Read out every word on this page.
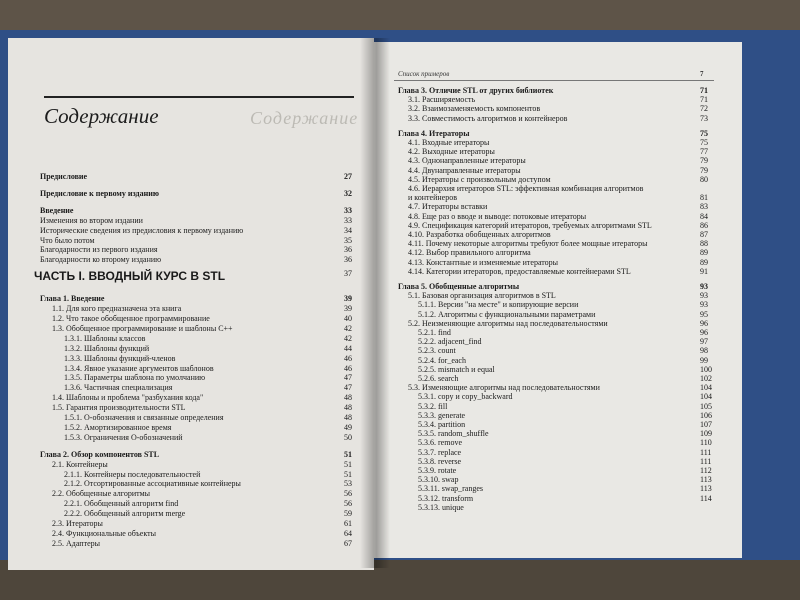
Содержание	Содержание
Предисловие	27
Предисловие к первому изданию	32
Введение	33
Изменения во втором издании	33
Исторические сведения из предисловия к первому изданию	34
Что было потом	35
Благодарности из первого издания	36
Благодарности ко второму изданию	36
ЧАСТЬ I. ВВОДНЫЙ КУРС В STL	37
Глава 1. Введение	39
1.1. Для кого предназначена эта книга	39
1.2. Что такое обобщенное программирование	40
1.3. Обобщенное программирование и шаблоны C++	42
1.3.1. Шаблоны классов	42
1.3.2. Шаблоны функций	44
1.3.3. Шаблоны функций-членов	46
1.3.4. Явное указание аргументов шаблонов	46
1.3.5. Параметры шаблона по умолчанию	47
1.3.6. Частичная специализация	47
1.4. Шаблоны и проблема "разбухания кода"	48
1.5. Гарантия производительности STL	48
1.5.1. О-обозначения и связанные определения	48
1.5.2. Амортизированное время	49
1.5.3. Ограничения О-обозначений	50
Глава 2. Обзор компонентов STL	51
2.1. Контейнеры	51
2.1.1. Контейнеры последовательностей	51
2.1.2. Отсортированные ассоциативные контейнеры	53
2.2. Обобщенные алгоритмы	56
2.2.1. Обобщенный алгоритм find	56
2.2.2. Обобщенный алгоритм merge	59
2.3. Итераторы	61
2.4. Функциональные объекты	64
2.5. Адаптеры	67
Список примеров	7
Глава 3. Отличие STL от других библиотек	71
3.1. Расширяемость	71
3.2. Взаимозаменяемость компонентов	72
3.3. Совместимость алгоритмов и контейнеров	73
Глава 4. Итераторы	75
4.1. Входные итераторы	75
4.2. Выходные итераторы	77
4.3. Однонаправленные итераторы	79
4.4. Двунаправленные итераторы	79
4.5. Итераторы с произвольным доступом	80
4.6. Иерархия итераторов STL: эффективная комбинация алгоритмов
и контейнеров	81
4.7. Итераторы вставки	83
4.8. Еще раз о вводе и выводе: потоковые итераторы	84
4.9. Спецификация категорий итераторов, требуемых алгоритмами STL	86
4.10. Разработка обобщенных алгоритмов	87
4.11. Почему некоторые алгоритмы требуют более мощные итераторы	88
4.12. Выбор правильного алгоритма	89
4.13. Константные и изменяемые итераторы	89
4.14. Категории итераторов, предоставляемые контейнерами STL	91
Глава 5. Обобщенные алгоритмы	93
5.1. Базовая организация алгоритмов в STL	93
5.1.1. Версии "на месте" и копирующие версии	93
5.1.2. Алгоритмы с функциональными параметрами	95
5.2. Неизменяющие алгоритмы над последовательностями	96
5.2.1. find	96
5.2.2. adjacent_find	97
5.2.3. count	98
5.2.4. for_each	99
5.2.5. mismatch и equal	100
5.2.6. search	102
5.3. Изменяющие алгоритмы над последовательностями	104
5.3.1. copy и copy_backward	104
5.3.2. fill	105
5.3.3. generate	106
5.3.4. partition	107
5.3.5. random_shuffle	109
5.3.6. remove	110
5.3.7. replace	111
5.3.8. reverse	111
5.3.9. rotate	112
5.3.10. swap	113
5.3.11. swap_ranges	113
5.3.12. transform	114
5.3.13. unique
